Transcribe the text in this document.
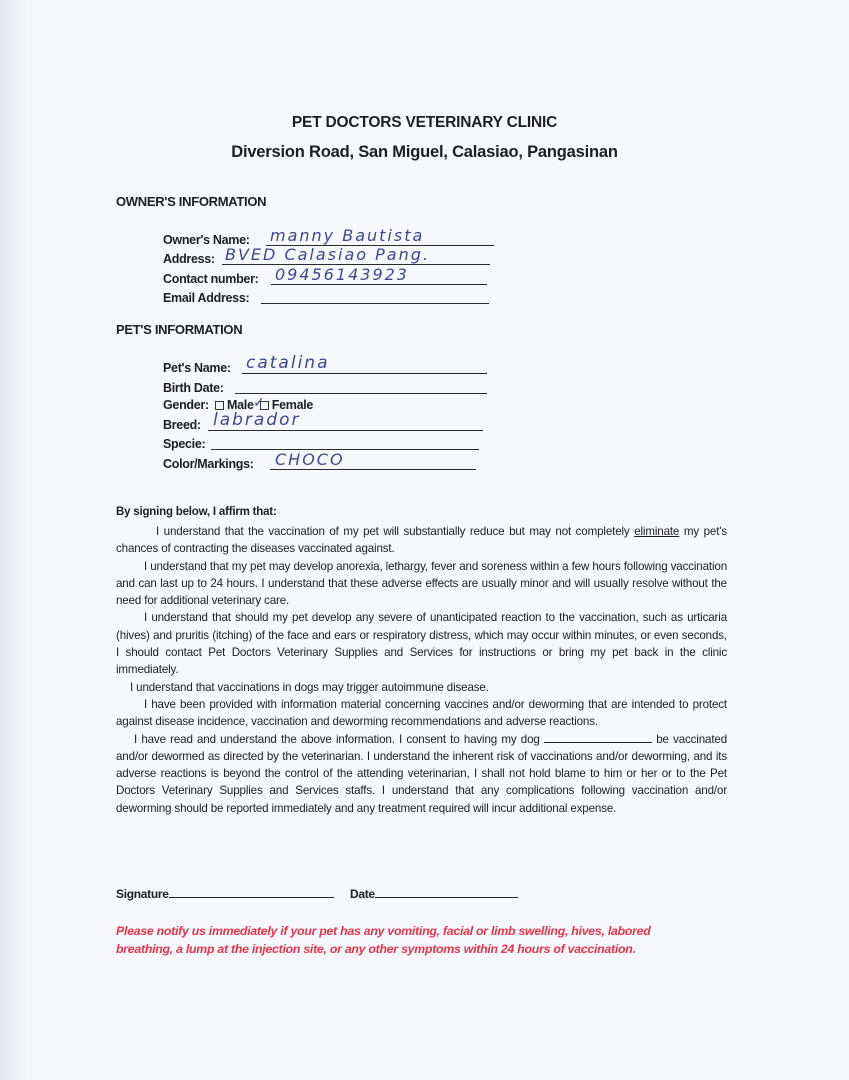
PET DOCTORS VETERINARY CLINIC
Diversion Road, San Miguel, Calasiao, Pangasinan
OWNER'S INFORMATION
Owner's Name: manny Bautista
Address: BVED Calasiao Pang.
Contact number: 09456143923
Email Address:
PET'S INFORMATION
Pet's Name: catalina
Birth Date:
Gender: Male Female
✓
Breed: labrador
Specie:
Color/Markings: CHOCO
By signing below, I affirm that:

I understand that the vaccination of my pet will substantially reduce but may not completely eliminate my pet's chances of contracting the diseases vaccinated against.

I understand that my pet may develop anorexia, lethargy, fever and soreness within a few hours following vaccination and can last up to 24 hours. I understand that these adverse effects are usually minor and will usually resolve without the need for additional veterinary care.

I understand that should my pet develop any severe of unanticipated reaction to the vaccination, such as urticaria (hives) and pruritis (itching) of the face and ears or respiratory distress, which may occur within minutes, or even seconds, I should contact Pet Doctors Veterinary Supplies and Services for instructions or bring my pet back in the clinic immediately.

I understand that vaccinations in dogs may trigger autoimmune disease.

I have been provided with information material concerning vaccines and/or deworming that are intended to protect against disease incidence, vaccination and deworming recommendations and adverse reactions.

I have read and understand the above information. I consent to having my dog	be vaccinated and/or dewormed as directed by the veterinarian. I understand the inherent risk of vaccinations and/or deworming, and its adverse reactions is beyond the control of the attending veterinarian, I shall not hold blame to him or her or to the Pet Doctors Veterinary Supplies and Services staffs. I understand that any complications following vaccination and/or deworming should be reported immediately and any treatment required will incur additional expense.

Signature	Date
Please notify us immediately if your pet has any vomiting, facial or limb swelling, hives, labored breathing, a lump at the injection site, or any other symptoms within 24 hours of vaccination.
